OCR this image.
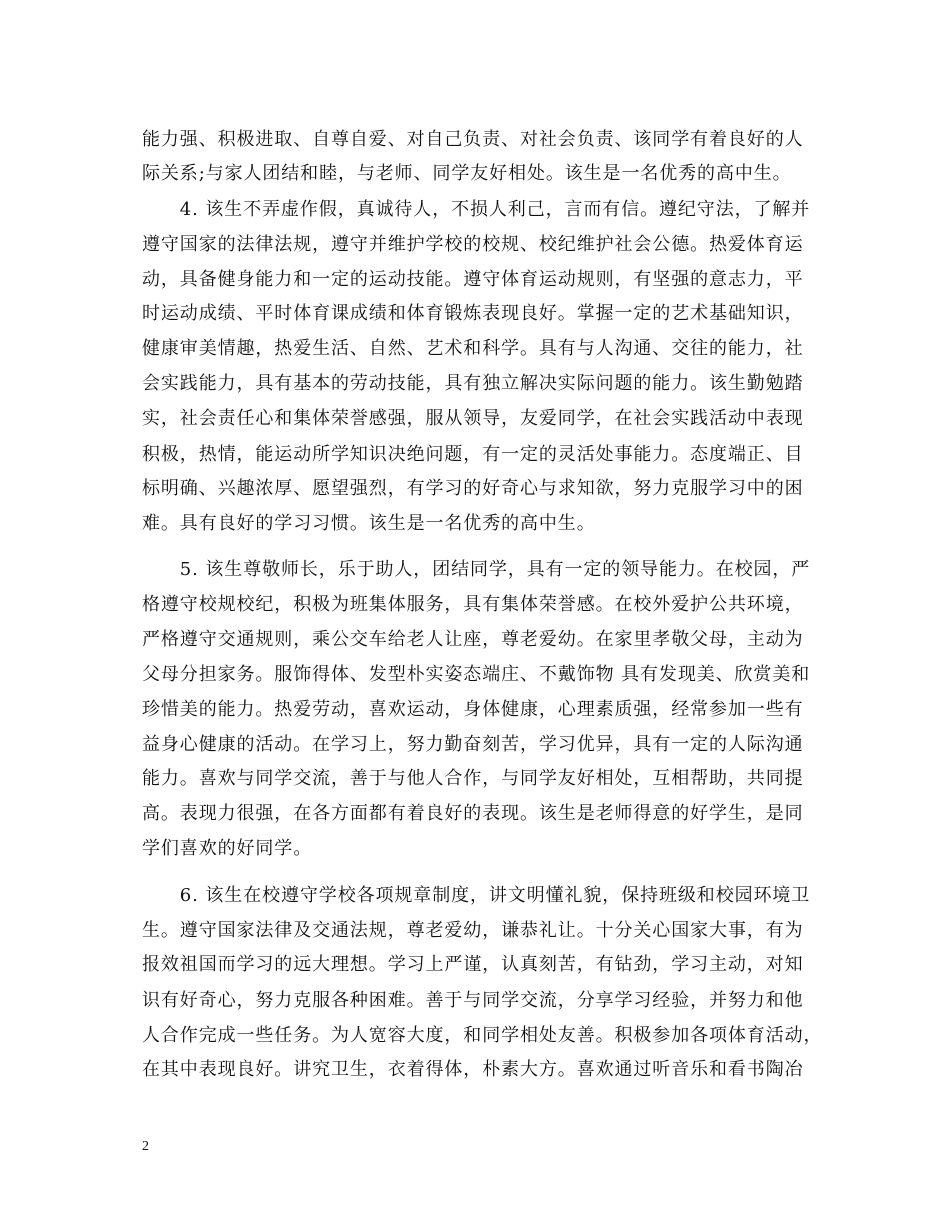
能力强、积极进取、自尊自爱、对自己负责、对社会负责、该同学有着良好的人
际关系;与家人团结和睦，与老师、同学友好相处。该生是一名优秀的高中生。
　　4. 该生不弄虚作假，真诚待人，不损人利己，言而有信。遵纪守法，了解并
遵守国家的法律法规，遵守并维护学校的校规、校纪维护社会公德。热爱体育运
动，具备健身能力和一定的运动技能。遵守体育运动规则，有坚强的意志力，平
时运动成绩、平时体育课成绩和体育锻炼表现良好。掌握一定的艺术基础知识，
健康审美情趣，热爱生活、自然、艺术和科学。具有与人沟通、交往的能力，社
会实践能力，具有基本的劳动技能，具有独立解决实际问题的能力。该生勤勉踏
实，社会责任心和集体荣誉感强，服从领导，友爱同学，在社会实践活动中表现
积极，热情，能运动所学知识决绝问题，有一定的灵活处事能力。态度端正、目
标明确、兴趣浓厚、愿望强烈，有学习的好奇心与求知欲，努力克服学习中的困
难。具有良好的学习习惯。该生是一名优秀的高中生。
　　5. 该生尊敬师长，乐于助人，团结同学，具有一定的领导能力。在校园，严
格遵守校规校纪，积极为班集体服务，具有集体荣誉感。在校外爱护公共环境，
严格遵守交通规则，乘公交车给老人让座，尊老爱幼。在家里孝敬父母，主动为
父母分担家务。服饰得体、发型朴实姿态端庄、不戴饰物 具有发现美、欣赏美和
珍惜美的能力。热爱劳动，喜欢运动，身体健康，心理素质强，经常参加一些有
益身心健康的活动。在学习上，努力勤奋刻苦，学习优异，具有一定的人际沟通
能力。喜欢与同学交流，善于与他人合作，与同学友好相处，互相帮助，共同提
高。表现力很强，在各方面都有着良好的表现。该生是老师得意的好学生，是同
学们喜欢的好同学。
　　6. 该生在校遵守学校各项规章制度，讲文明懂礼貌，保持班级和校园环境卫
生。遵守国家法律及交通法规，尊老爱幼，谦恭礼让。十分关心国家大事，有为
报效祖国而学习的远大理想。学习上严谨，认真刻苦，有钻劲，学习主动，对知
识有好奇心，努力克服各种困难。善于与同学交流，分享学习经验，并努力和他
人合作完成一些任务。为人宽容大度，和同学相处友善。积极参加各项体育活动，
在其中表现良好。讲究卫生，衣着得体，朴素大方。喜欢通过听音乐和看书陶冶
2
